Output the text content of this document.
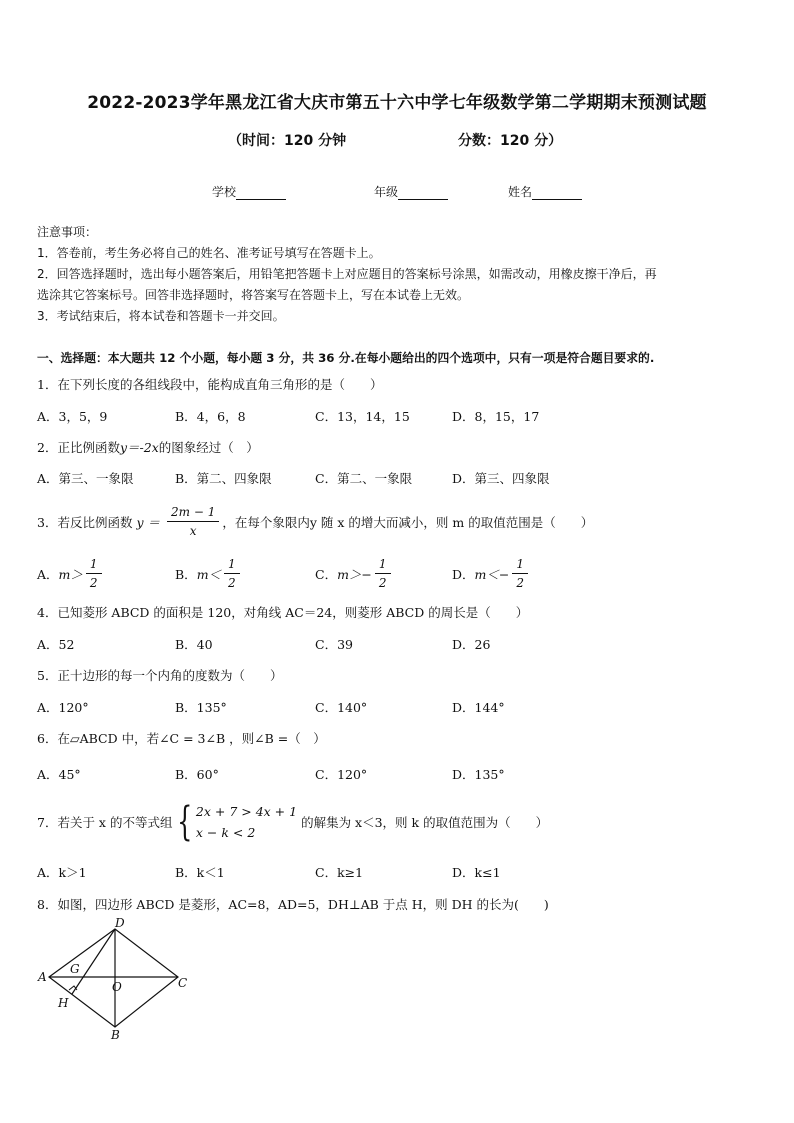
2022-2023学年黑龙江省大庆市第五十六中学七年级数学第二学期期末预测试题
（时间：120 分钟	分数：120 分）
学校	年级	姓名
注意事项：
1．答卷前，考生务必将自己的姓名、准考证号填写在答题卡上。
2．回答选择题时，选出每小题答案后，用铅笔把答题卡上对应题目的答案标号涂黑，如需改动，用橡皮擦干净后，再
选涂其它答案标号。回答非选择题时，将答案写在答题卡上，写在本试卷上无效。
3．考试结束后，将本试卷和答题卡一并交回。
一、选择题：本大题共 12 个小题，每小题 3 分，共 36 分.在每小题给出的四个选项中，只有一项是符合题目要求的.
1．在下列长度的各组线段中，能构成直角三角形的是（　　）
A．3，5，9	B．4，6，8	C．13，14，15	D．8，15，17
2．正比例函数y＝-2x的图象经过（　）
A．第三、一象限	B．第二、四象限	C．第二、一象限	D．第三、四象限
3．若反比例函数 $y = \frac{2m - 1}{x}$ ，在每个象限内y 随 x 的增大而减小，则 m 的取值范围是（　　）
A． $m> \frac{1}{2}$	B． $m< \frac{1}{2}$	C． $m>- \frac{1}{2}$	D． $m<- \frac{1}{2}$
4．已知菱形 ABCD 的面积是 120，对角线 AC＝24，则菱形 ABCD 的周长是（　　）
A．52	B．40	C．39	D．26
5．正十边形的每一个内角的度数为（　　）
A．120°	B．135°	C．140°	D．144°
6．在▱ABCD 中，若∠C = 3∠B ，则∠B =（　）
A．45°	B．60°	C．120°	D．135°
7．若关于 x 的不等式组 { 2x + 7 > 4x + 1
x − k < 2
的解集为 x＜3，则 k 的取值范围为（　　）
A．k＞1	B．k＜1	C．k≥1	D．k≤1
8．如图，四边形 ABCD 是菱形，AC=8，AD=5，DH⊥AB 于点 H，则 DH 的长为(　　)
A
D
C
B
G
H
O
